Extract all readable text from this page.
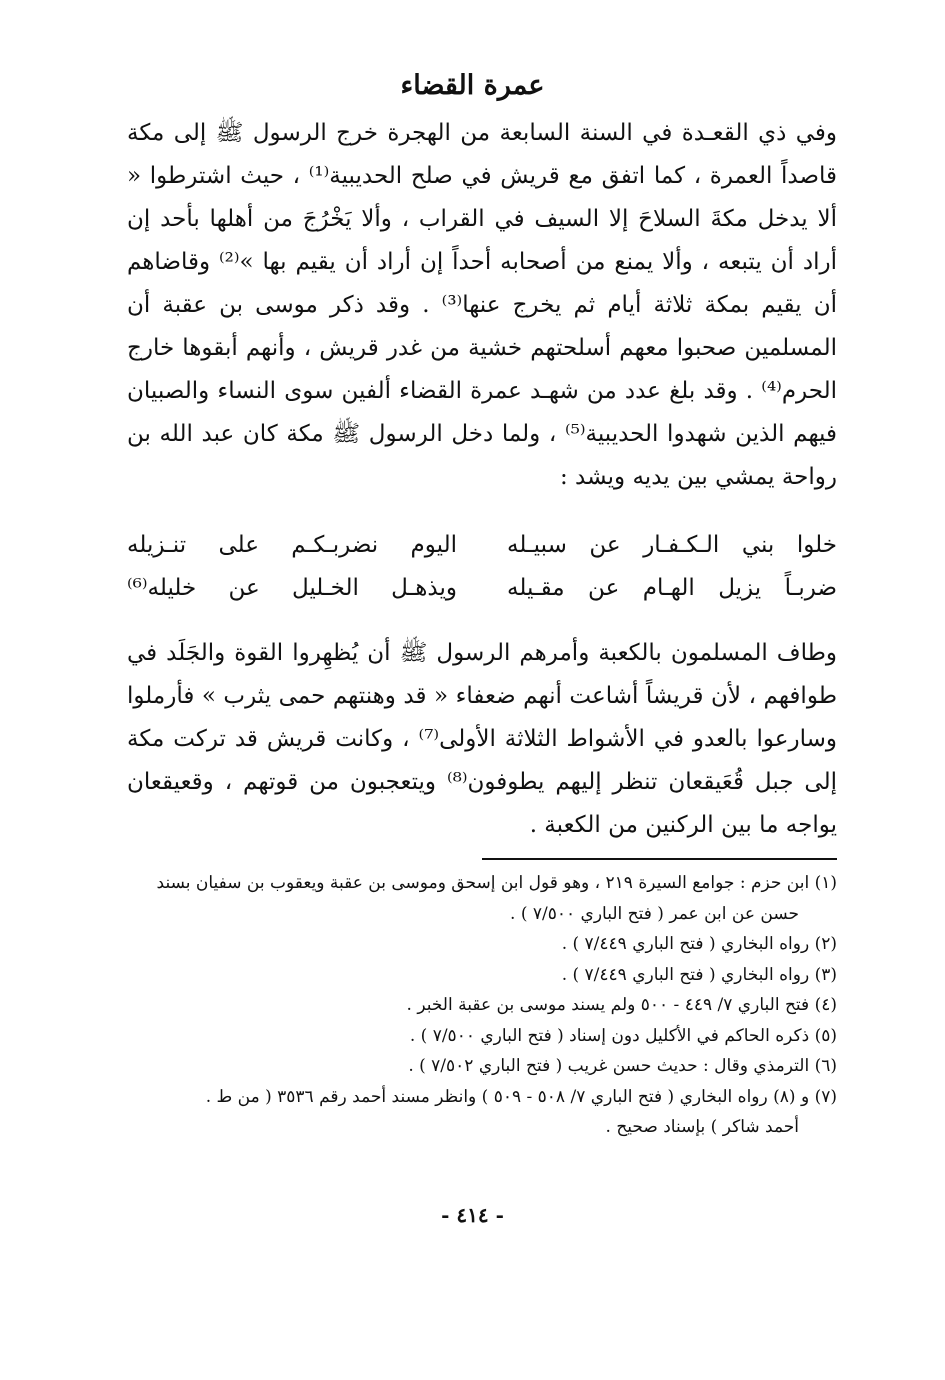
عمرة القضاء

وفي ذي القعـدة في السنة السابعة من الهجرة خرج الرسول ﷺ إلى مكة قاصداً العمرة ، كما اتفق مع قريش في صلح الحديبية⁽¹⁾ ، حيث اشترطوا « ألا يدخل مكةَ السلاحَ إلا السيف في القراب ، وألا يَخْرُجَ من أهلها بأحد إن أراد أن يتبعه ، وألا يمنع من أصحابه أحداً إن أراد أن يقيم بها »⁽²⁾ وقاضاهم أن يقيم بمكة ثلاثة أيام ثم يخرج عنها⁽³⁾ . وقد ذكر موسى بن عقبة أن المسلمين صحبوا معهم أسلحتهم خشية من غدر قريش ، وأنهم أبقوها خارج الحرم⁽⁴⁾ . وقد بلغ عدد من شهـد عمرة القضاء ألفين سوى النساء والصبيان فيهم الذين شهدوا الحديبية⁽⁵⁾ ، ولما دخل الرسول ﷺ مكة كان عبد الله بن رواحة يمشي بين يديه ويشد :

خلوا بني الـكـفـار عن سبيـله
اليوم نضربـكـم على تنـزيله
ضربـاً يزيل الهـام عن مقـيله
ويذهـل الخـليل عن خليله⁽⁶⁾

وطاف المسلمون بالكعبة وأمرهم الرسول ﷺ أن يُظهِروا القوة والجَلَد في طوافهم ، لأن قريشاً أشاعت أنهم ضعفاء « قد وهنتهم حمى يثرب » فأرملوا وسارعوا بالعدو في الأشواط الثلاثة الأولى⁽⁷⁾ ، وكانت قريش قد تركت مكة إلى جبل قُعَيقعان تنظر إليهم يطوفون⁽⁸⁾ ويتعجبون من قوتهم ، وقعيقعان يواجه ما بين الركنين من الكعبة .

(١) ابن حزم : جوامع السيرة ٢١٩ ، وهو قول ابن إسحق وموسى بن عقبة ويعقوب بن سفيان بسند
حسن عن ابن عمر ( فتح الباري ٧/٥٠٠ ) .
(٢) رواه البخاري ( فتح الباري ٧/٤٤٩ ) .
(٣) رواه البخاري ( فتح الباري ٧/٤٤٩ ) .
(٤) فتح الباري ٧/ ٤٤٩ - ٥٠٠ ولم يسند موسى بن عقبة الخبر .
(٥) ذكره الحاكم في الأكليل دون إسناد ( فتح الباري ٧/٥٠٠ ) .
(٦) الترمذي وقال : حديث حسن غريب ( فتح الباري ٧/٥٠٢ ) .
(٧) و (٨) رواه البخاري ( فتح الباري ٧/ ٥٠٨ - ٥٠٩ ) وانظر مسند أحمد رقم ٣٥٣٦ ( من ط .
أحمد شاكر ) بإسناد صحيح .
- ٤١٤ -
